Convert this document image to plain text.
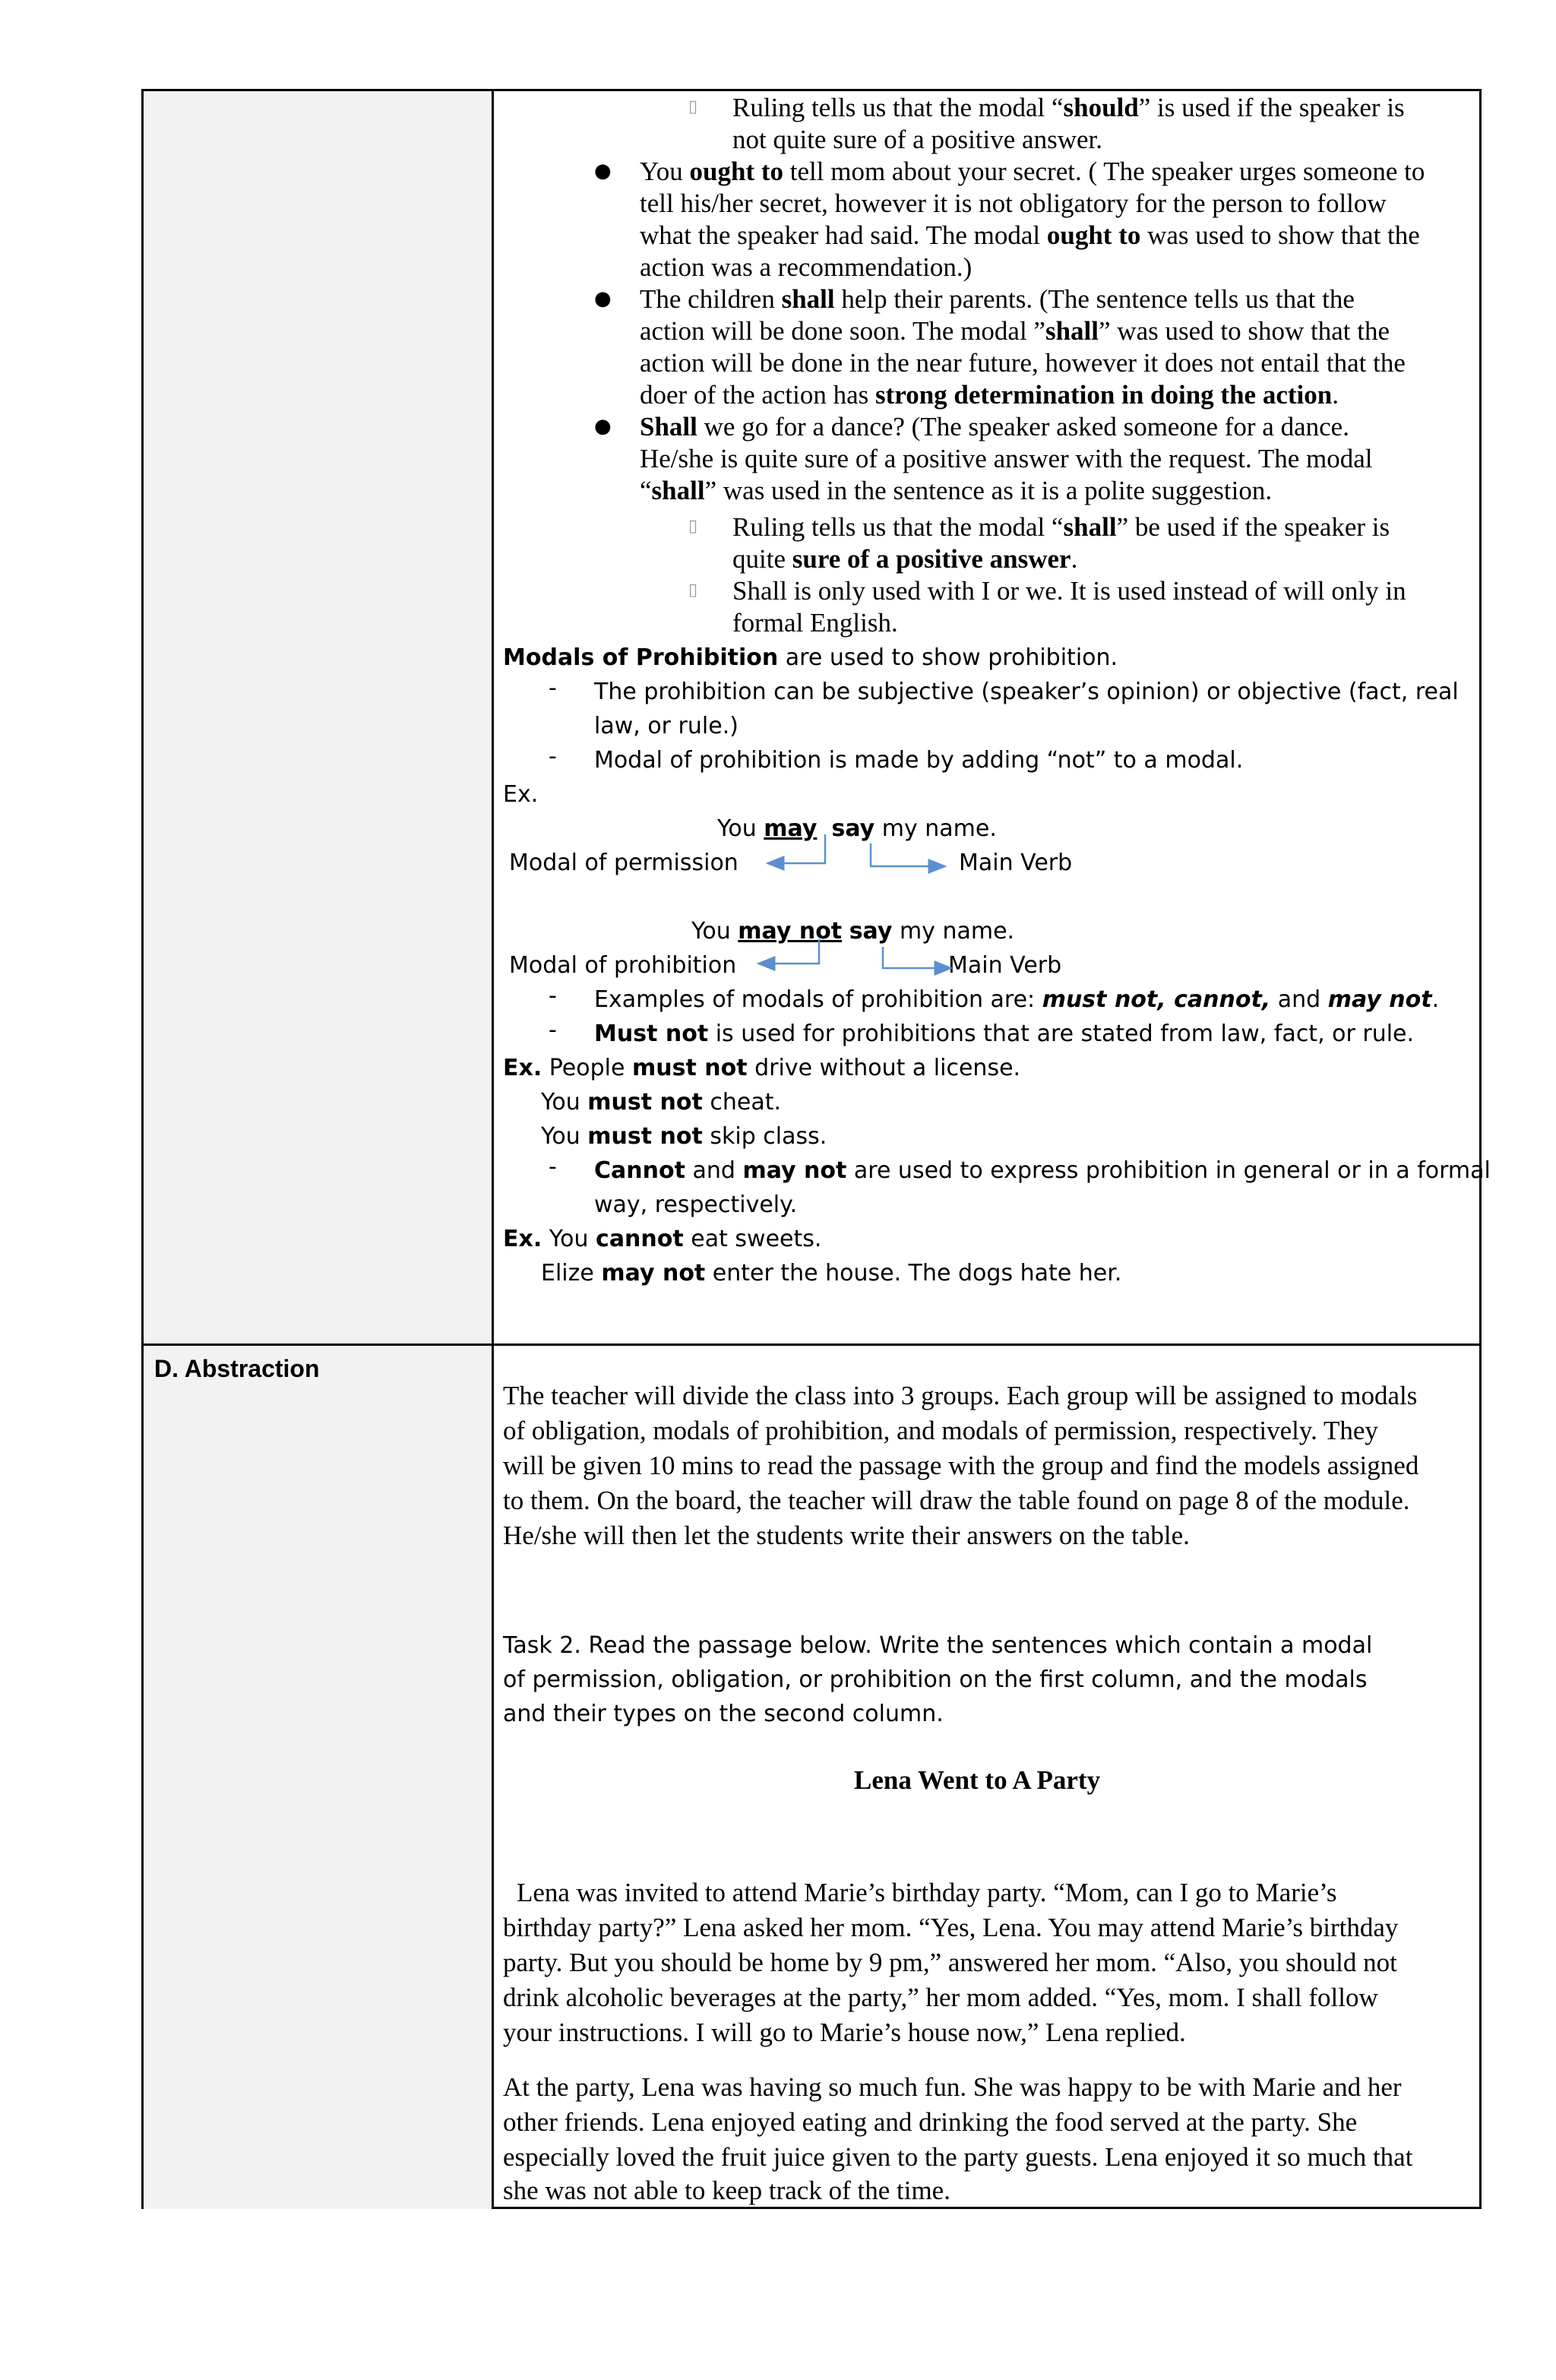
D. Abstraction
▯ Ruling tells us that the modal “should” is used if the speaker is

not quite sure of a positive answer.

● You ought to tell mom about your secret. ( The speaker urges someone to

tell his/her secret, however it is not obligatory for the person to follow

what the speaker had said. The modal ought to was used to show that the

action was a recommendation.)

● The children shall help their parents. (The sentence tells us that the

action will be done soon. The modal ”shall” was used to show that the

action will be done in the near future, however it does not entail that the

doer of the action has strong determination in doing the action.

● Shall we go for a dance? (The speaker asked someone for a dance.

He/she is quite sure of a positive answer with the request. The modal

“shall” was used in the sentence as it is a polite suggestion.

▯ Ruling tells us that the modal “shall” be used if the speaker is

quite sure of a positive answer.

▯ Shall is only used with I or we. It is used instead of will only in

formal English.

Modals of Prohibition are used to show prohibition.

- The prohibition can be subjective (speaker’s opinion) or objective (fact, real

law, or rule.)

- Modal of prohibition is made by adding “not” to a modal.

Ex.

You may say my name.

Modal of permission	Main Verb

You may not say my name.

Modal of prohibition	Main Verb

- Examples of modals of prohibition are: must not, cannot, and may not.

- Must not is used for prohibitions that are stated from law, fact, or rule.

Ex. People must not drive without a license.

You must not cheat.

You must not skip class.

- Cannot and may not are used to express prohibition in general or in a formal

way, respectively.

Ex. You cannot eat sweets.

Elize may not enter the house. The dogs hate her.

The teacher will divide the class into 3 groups. Each group will be assigned to modals

of obligation, modals of prohibition, and modals of permission, respectively. They

will be given 10 mins to read the passage with the group and find the models assigned

to them. On the board, the teacher will draw the table found on page 8 of the module.

He/she will then let the students write their answers on the table.

Task 2. Read the passage below. Write the sentences which contain a modal

of permission, obligation, or prohibition on the first column, and the modals

and their types on the second column.

Lena Went to A Party

Lena was invited to attend Marie’s birthday party. “Mom, can I go to Marie’s

birthday party?” Lena asked her mom. “Yes, Lena. You may attend Marie’s birthday

party. But you should be home by 9 pm,” answered her mom. “Also, you should not

drink alcoholic beverages at the party,” her mom added. “Yes, mom. I shall follow

your instructions. I will go to Marie’s house now,” Lena replied.

At the party, Lena was having so much fun. She was happy to be with Marie and her

other friends. Lena enjoyed eating and drinking the food served at the party. She

especially loved the fruit juice given to the party guests. Lena enjoyed it so much that

she was not able to keep track of the time.
